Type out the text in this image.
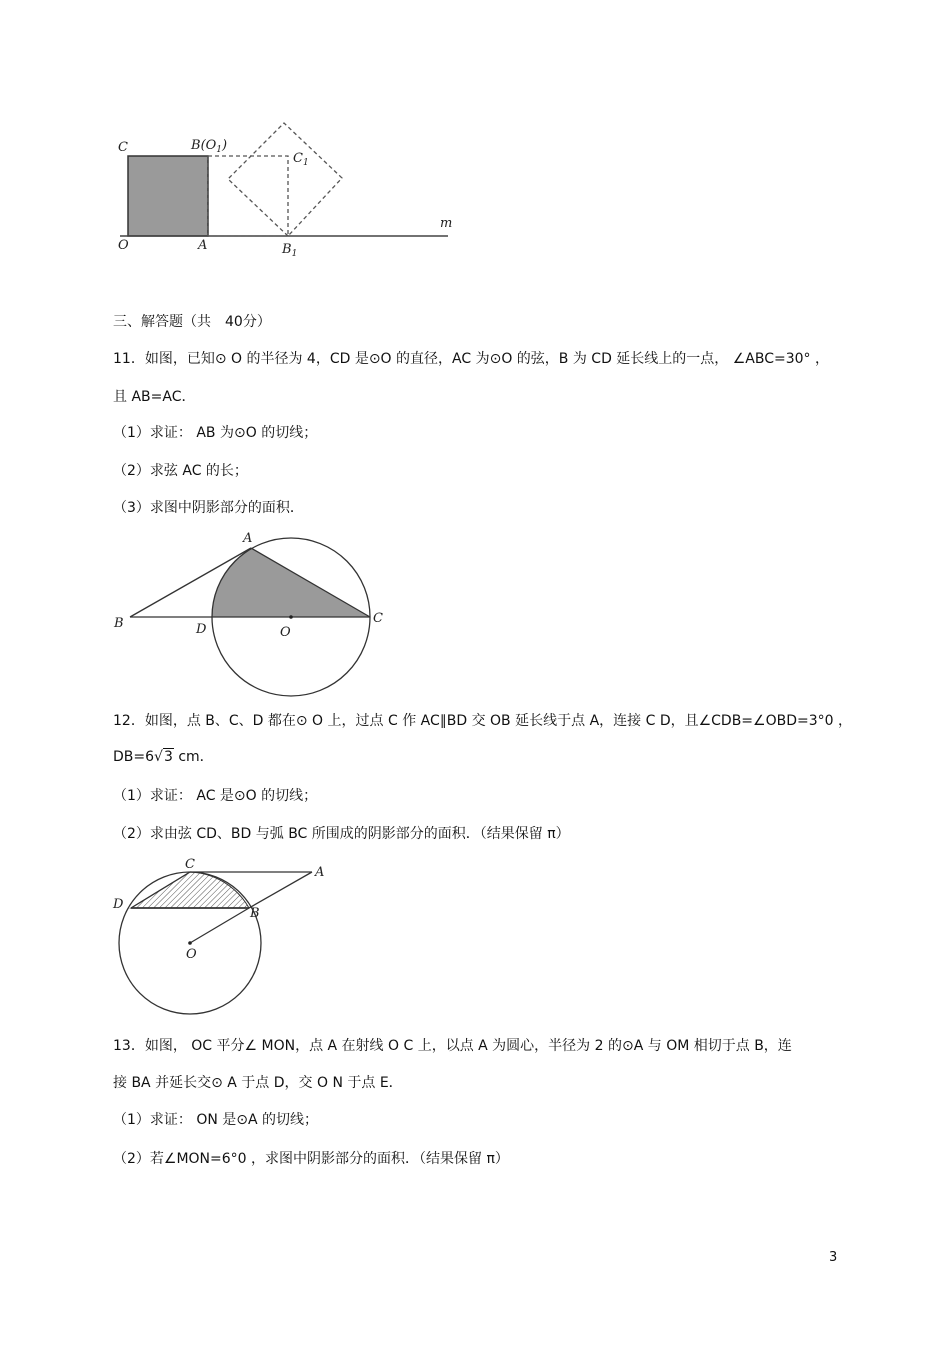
C	$B(O_1)$
$C_1$
O	A	$B_1$
m
三、解答题（共　40分）
11．如图，已知⊙ O 的半径为 4，CD 是⊙O 的直径，AC 为⊙O 的弦，B 为 CD 延长线上的一点， ∠ABC=30° ，
且 AB=AC．
（1）求证： AB 为⊙O 的切线；
（2）求弦 AC 的长；
（3）求图中阴影部分的面积．
A
B	D	O
C
12．如图，点 B、C、D 都在⊙ O 上，过点 C 作 AC∥BD 交 OB 延长线于点 A，连接 C D，且∠CDB=∠OBD=3°0 ，
DB=6√3 cm．
（1）求证： AC 是⊙O 的切线；
（2）求由弦 CD、BD 与弧 BC 所围成的阴影部分的面积．（结果保留 π）
C
A
D
B
O
13．如图， OC 平分∠ MON，点 A 在射线 O C 上，以点 A 为圆心，半径为 2 的⊙A 与 OM 相切于点 B，连
接 BA 并延长交⊙ A 于点 D，交 O N 于点 E．
（1）求证： ON 是⊙A 的切线；
（2）若∠MON=6°0 ，求图中阴影部分的面积．（结果保留 π）
3
